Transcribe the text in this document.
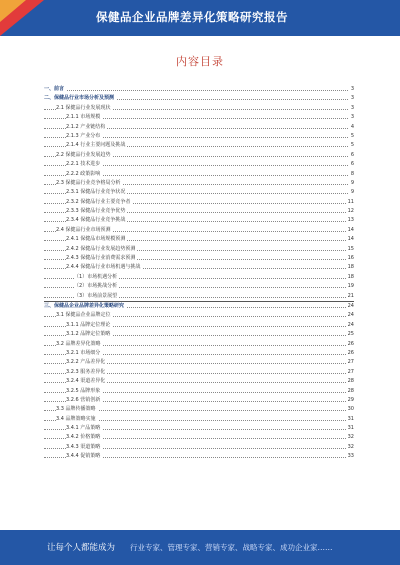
保健品企业品牌差异化策略研究报告
内容目录
一、前言	3
二、保健品行业市场分析及预测	3
2.1 保健品行业发展现状	3
2.1.1 市场规模	3
2.1.2 产业链结构	4
2.1.3 产业分布	5
2.1.4 行业主要问题及挑战	5
2.2 保健品行业发展趋势	6
2.2.1 技术进步	6
2.2.2 政策影响	8
2.3 保健品行业竞争格局分析	9
2.3.1 保健品行业竞争状况	9
2.3.2 保健品行业主要竞争者	11
2.3.3 保健品行业竞争优势	12
2.3.4 保健品行业竞争挑战	13
2.4 保健品行业市场预测	14
2.4.1 保健品市场规模预测	14
2.4.2 保健品行业发展趋势预测	15
2.4.3 保健品行业消费需求预测	16
2.4.4 保健品行业市场机遇与挑战	18
（1）市场机遇分析	18
（2）市场挑战分析	19
（3）市场前景展望	21
三、保健品企业品牌差异化策略研究	24
3.1 保健品企业品牌定位	24
3.1.1 品牌定位理论	24
3.1.2 品牌定位策略	25
3.2 品牌差异化策略	26
3.2.1 市场细分	26
3.2.2 产品差异化	27
3.2.3 服务差异化	27
3.2.4 渠道差异化	28
3.2.5 品牌形象	28
3.2.6 营销创新	29
3.3 品牌传播策略	30
3.4 品牌策略实施	31
3.4.1 产品策略	31
3.4.2 价格策略	32
3.4.3 渠道策略	32
3.4.4 促销策略	33
让每个人都能成为 行业专家、管理专家、营销专家、战略专家、成功企业家……
